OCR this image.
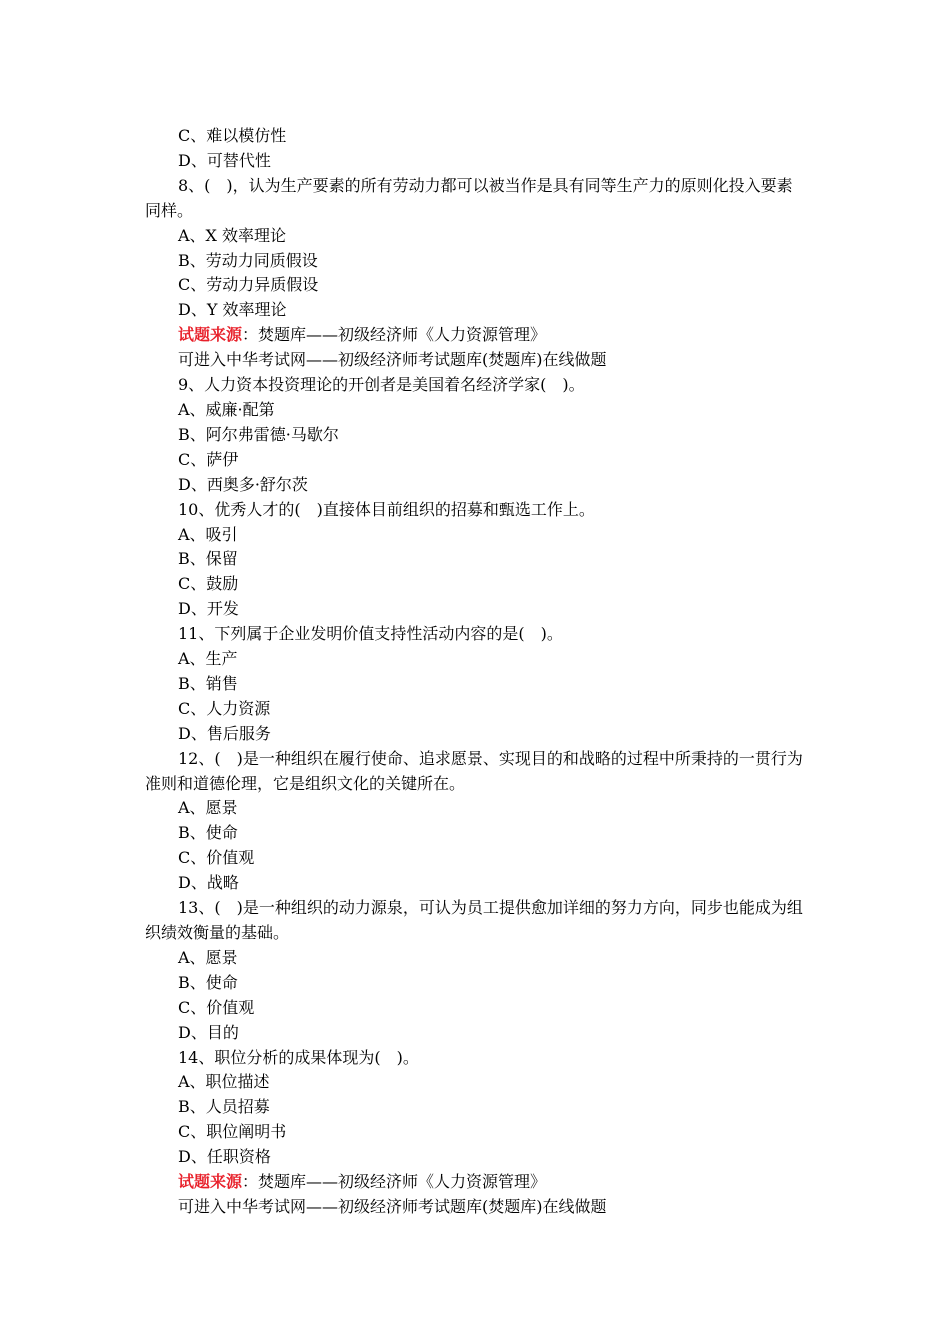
C、难以模仿性

D、可替代性

8、(　)，认为生产要素的所有劳动力都可以被当作是具有同等生产力的原则化投入要素同样。

A、X 效率理论

B、劳动力同质假设

C、劳动力异质假设

D、Y 效率理论

试题来源：焚题库——初级经济师《人力资源管理》

可进入中华考试网——初级经济师考试题库(焚题库)在线做题

9、人力资本投资理论的开创者是美国着名经济学家(　)。

A、威廉·配第

B、阿尔弗雷德·马歇尔

C、萨伊

D、西奥多·舒尔茨

10、优秀人才的(　)直接体目前组织的招募和甄选工作上。

A、吸引

B、保留

C、鼓励

D、开发

11、下列属于企业发明价值支持性活动内容的是(　)。

A、生产

B、销售

C、人力资源

D、售后服务

12、(　)是一种组织在履行使命、追求愿景、实现目的和战略的过程中所秉持的一贯行为准则和道德伦理，它是组织文化的关键所在。

A、愿景

B、使命

C、价值观

D、战略

13、(　)是一种组织的动力源泉，可认为员工提供愈加详细的努力方向，同步也能成为组织绩效衡量的基础。

A、愿景

B、使命

C、价值观

D、目的

14、职位分析的成果体现为(　)。

A、职位描述

B、人员招募

C、职位阐明书

D、任职资格

试题来源：焚题库——初级经济师《人力资源管理》

可进入中华考试网——初级经济师考试题库(焚题库)在线做题
